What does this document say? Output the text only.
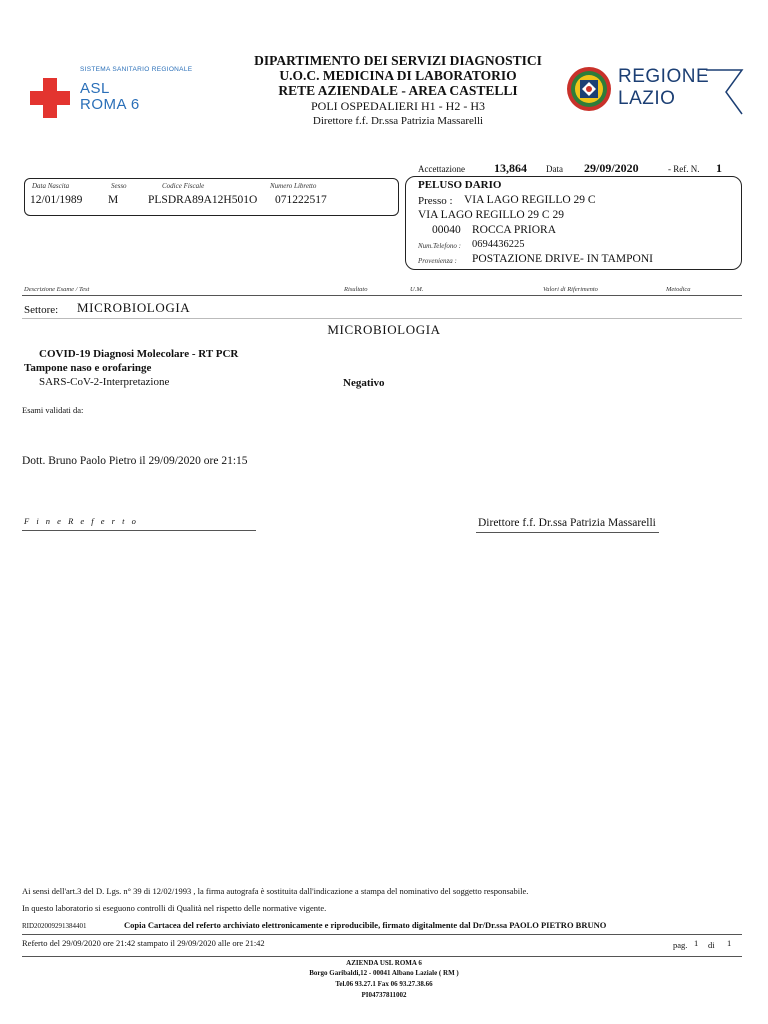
SISTEMA SANITARIO REGIONALE
ASL
ROMA 6
DIPARTIMENTO DEI SERVIZI DIAGNOSTICI
U.O.C. MEDICINA DI LABORATORIO
RETE AZIENDALE - AREA CASTELLI
POLI OSPEDALIERI H1 - H2 - H3
Direttore f.f. Dr.ssa Patrizia Massarelli
REGIONE
LAZIO
Accettazione 13,864 Data 29/09/2020	- Ref. N. 1
Data Nascita	Sesso	Codice Fiscale	Numero Libretto
12/01/1989 M	PLSDRA89A12H501O 071222517
PELUSO DARIO
Presso : VIA LAGO REGILLO 29 C
VIA LAGO REGILLO 29 C 29
00040 ROCCA PRIORA
Num.Telefono : 0694436225
Provenienza : POSTAZIONE DRIVE- IN TAMPONI
Descrizione Esame / Test	Risultato	U.M.	Valori di Riferimento	Metodica
Settore: MICROBIOLOGIA
MICROBIOLOGIA
COVID-19 Diagnosi Molecolare - RT PCR
Tampone naso e orofaringe
SARS-CoV-2-Interpretazione	Negativo
Esami validati da:
Dott. Bruno Paolo Pietro il 29/09/2020 ore 21:15
F i n e R e f e r t o	Direttore f.f. Dr.ssa Patrizia Massarelli
Ai sensi dell'art.3 del D. Lgs. n° 39 di 12/02/1993 , la firma autografa è sostituita dall'indicazione a stampa del nominativo del soggetto responsabile.
In questo laboratorio si eseguono controlli di Qualità nel rispetto delle normative vigente.
RID202009291384401	Copia Cartacea del referto archiviato elettronicamente e riproducibile, firmato digitalmente dal Dr/Dr.ssa PAOLO PIETRO BRUNO
Referto del 29/09/2020 ore 21:42 stampato il 29/09/2020 alle ore 21:42	pag. 1 di 1
AZIENDA USL ROMA 6
Borgo Garibaldi,12 - 00041 Albano Laziale ( RM )
Tel.06 93.27.1 Fax 06 93.27.38.66
PI04737811002
